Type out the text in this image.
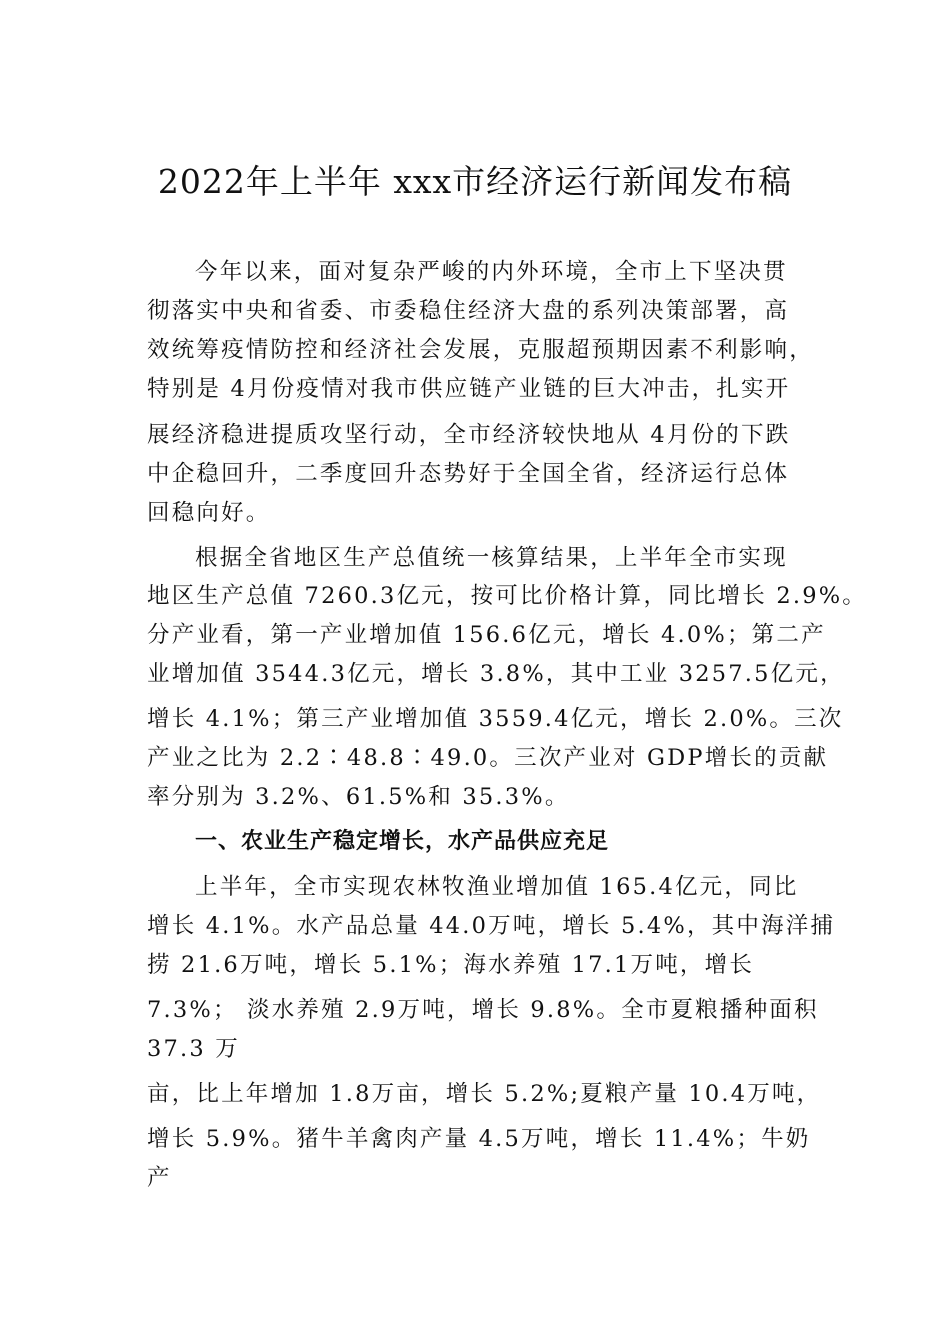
2022年上半年 xxx市经济运行新闻发布稿
今年以来，面对复杂严峻的内外环境，全市上下坚决贯
彻落实中央和省委、市委稳住经济大盘的系列决策部署，高
效统筹疫情防控和经济社会发展，克服超预期因素不利影响，
特别是 4月份疫情对我市供应链产业链的巨大冲击，扎实开
展经济稳进提质攻坚行动，全市经济较快地从 4月份的下跌
中企稳回升，二季度回升态势好于全国全省，经济运行总体
回稳向好。
根据全省地区生产总值统一核算结果，上半年全市实现
地区生产总值 7260.3亿元，按可比价格计算，同比增长 2.9%。
分产业看，第一产业增加值 156.6亿元，增长 4.0%；第二产
业增加值 3544.3亿元，增长 3.8%，其中工业 3257.5亿元，
增长 4.1%；第三产业增加值 3559.4亿元，增长 2.0%。三次
产业之比为 2.2∶48.8∶49.0。三次产业对 GDP增长的贡献
率分别为 3.2%、61.5%和 35.3%。
一、农业生产稳定增长，水产品供应充足
上半年，全市实现农林牧渔业增加值 165.4亿元，同比
增长 4.1%。水产品总量 44.0万吨，增长 5.4%，其中海洋捕
捞 21.6万吨，增长 5.1%；海水养殖 17.1万吨，增长
7.3%； 淡水养殖 2.9万吨，增长 9.8%。全市夏粮播种面积
37.3 万
亩，比上年增加 1.8万亩，增长 5.2%;夏粮产量 10.4万吨，
增长 5.9%。猪牛羊禽肉产量 4.5万吨，增长 11.4%；牛奶
产
